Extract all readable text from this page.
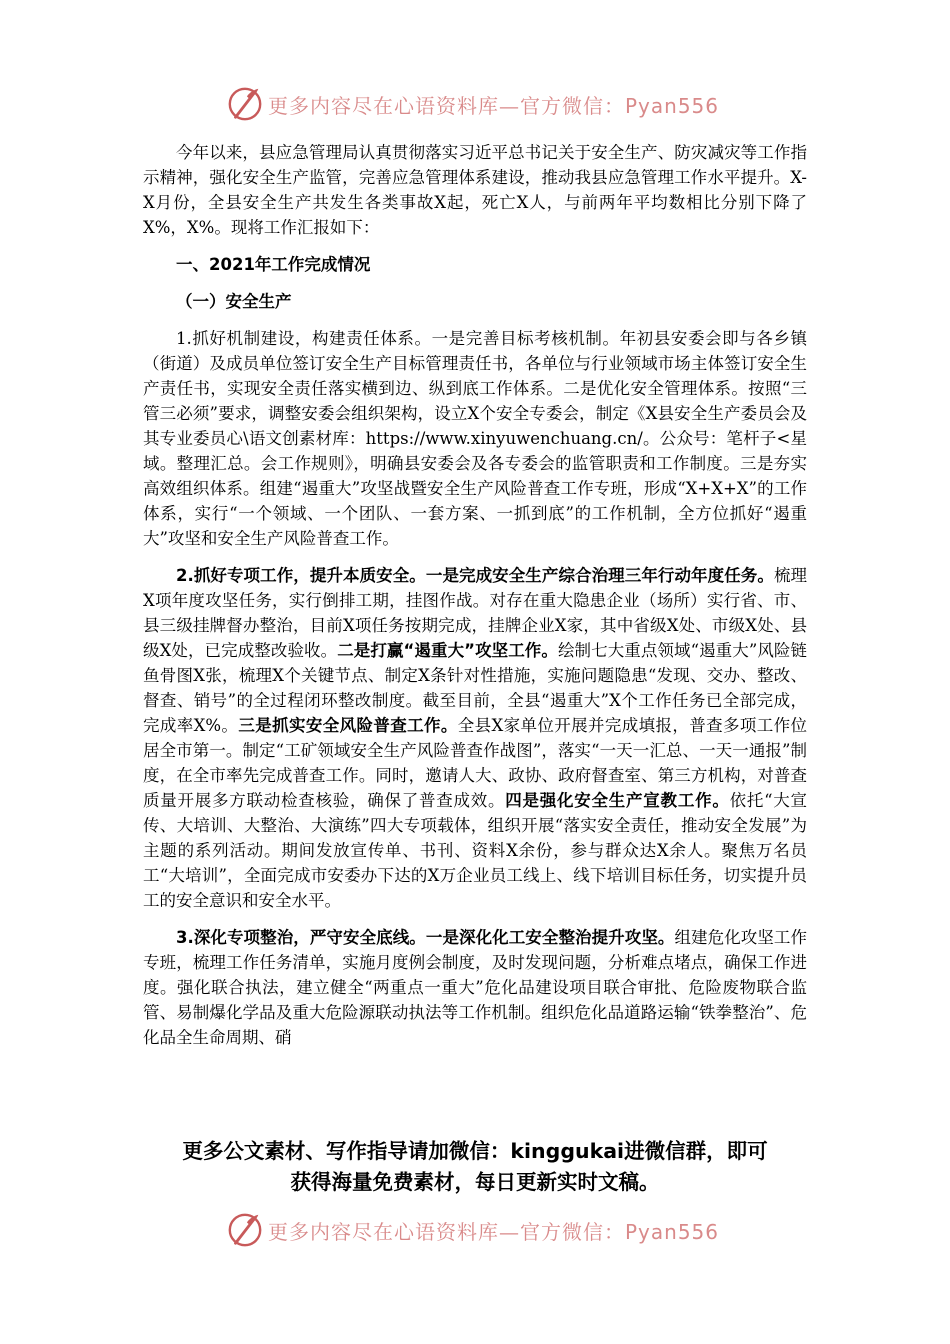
更多内容尽在心语资料库—官方微信：Pyan556

今年以来，县应急管理局认真贯彻落实习近平总书记关于安全生产、防灾减灾等工作指示精神，强化安全生产监管，完善应急管理体系建设，推动我县应急管理工作水平提升。X-X月份，全县安全生产共发生各类事故X起，死亡X人，与前两年平均数相比分别下降了X%，X%。现将工作汇报如下：

一、2021年工作完成情况

（一）安全生产

1.抓好机制建设，构建责任体系。一是完善目标考核机制。年初县安委会即与各乡镇（街道）及成员单位签订安全生产目标管理责任书，各单位与行业领域市场主体签订安全生产责任书，实现安全责任落实横到边、纵到底工作体系。二是优化安全管理体系。按照“三管三必须”要求，调整安委会组织架构，设立X个安全专委会，制定《X县安全生产委员会及其专业委员心\语文创素材库：https://www.xinyuwenchuang.cn/。公众号：笔杆子<星域。整理汇总。会工作规则》，明确县安委会及各专委会的监管职责和工作制度。三是夯实高效组织体系。组建“遏重大”攻坚战暨安全生产风险普查工作专班，形成“X+X+X”的工作体系，实行“一个领域、一个团队、一套方案、一抓到底”的工作机制，全方位抓好“遏重大”攻坚和安全生产风险普查工作。

2.抓好专项工作，提升本质安全。一是完成安全生产综合治理三年行动年度任务。梳理X项年度攻坚任务，实行倒排工期，挂图作战。对存在重大隐患企业（场所）实行省、市、县三级挂牌督办整治，目前X项任务按期完成，挂牌企业X家，其中省级X处、市级X处、县级X处，已完成整改验收。二是打赢“遏重大”攻坚工作。绘制七大重点领域“遏重大”风险链鱼骨图X张，梳理X个关键节点、制定X条针对性措施，实施问题隐患“发现、交办、整改、督查、销号”的全过程闭环整改制度。截至目前，全县“遏重大”X个工作任务已全部完成，完成率X%。三是抓实安全风险普查工作。全县X家单位开展并完成填报，普查多项工作位居全市第一。制定“工矿领域安全生产风险普查作战图”，落实“一天一汇总、一天一通报”制度，在全市率先完成普查工作。同时，邀请人大、政协、政府督查室、第三方机构，对普查质量开展多方联动检查核验，确保了普查成效。四是强化安全生产宣教工作。依托“大宣传、大培训、大整治、大演练”四大专项载体，组织开展“落实安全责任，推动安全发展”为主题的系列活动。期间发放宣传单、书刊、资料X余份，参与群众达X余人。聚焦万名员工“大培训”，全面完成市安委办下达的X万企业员工线上、线下培训目标任务，切实提升员工的安全意识和安全水平。

3.深化专项整治，严守安全底线。一是深化化工安全整治提升攻坚。组建危化攻坚工作专班，梳理工作任务清单，实施月度例会制度，及时发现问题，分析难点堵点，确保工作进度。强化联合执法，建立健全“两重点一重大”危化品建设项目联合审批、危险废物联合监管、易制爆化学品及重大危险源联动执法等工作机制。组织危化品道路运输“铁拳整治”、危化品全生命周期、硝

更多公文素材、写作指导请加微信：kinggukai进微信群，即可
获得海量免费素材，每日更新实时文稿。
更多内容尽在心语资料库—官方微信：Pyan556
